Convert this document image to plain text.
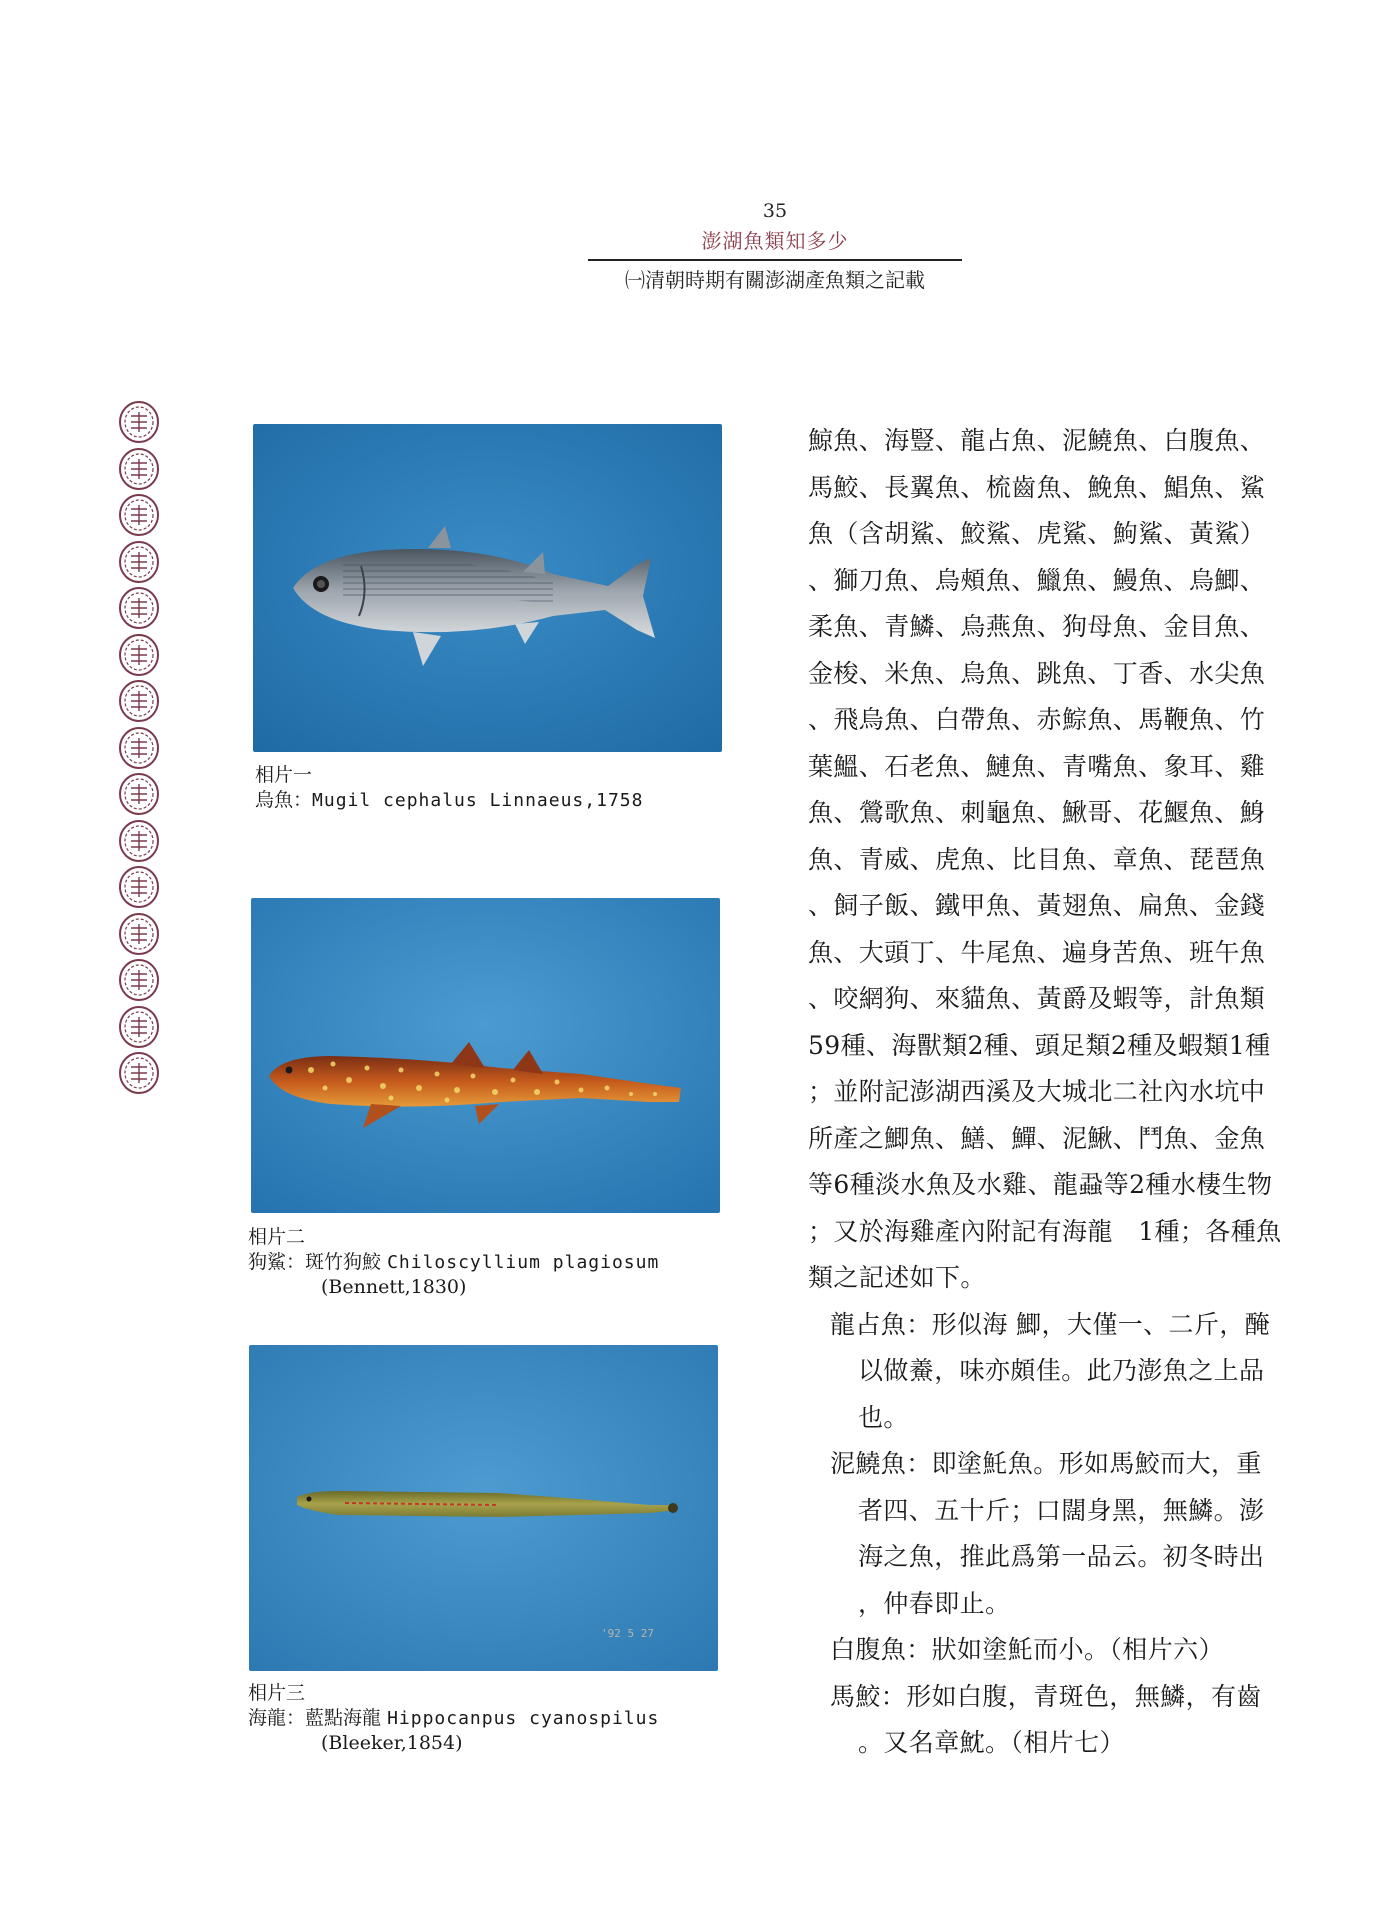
35
澎湖魚類知多少
㈠清朝時期有關澎湖產魚類之記載
相片一
烏魚：Mugil cephalus Linnaeus,1758
相片二
狗鯊：斑竹狗鮫 Chiloscyllium plagiosum
(Bennett,1830)
'92 5 27
相片三
海龍：藍點海龍 Hippocanpus cyanospilus
(Bleeker,1854)
鯨魚、海豎、龍占魚、泥鱙魚、白腹魚、
馬鮫、長翼魚、梳齒魚、鮸魚、鯧魚、鯊
魚（含胡鯊、鮫鯊、虎鯊、鮈鯊、黃鯊）
、獅刀魚、烏頰魚、鱲魚、鰻魚、烏鯽、
柔魚、青鱗、烏燕魚、狗母魚、金目魚、
金梭、米魚、烏魚、跳魚、丁香、水尖魚
、飛烏魚、白帶魚、赤鯮魚、馬鞭魚、竹
葉鰮、石老魚、鰱魚、青嘴魚、象耳、雞
魚、鶯歌魚、刺龜魚、鰍哥、花鰋魚、鯓
魚、青威、虎魚、比目魚、章魚、琵琶魚
、飼子飯、鐵甲魚、黃翅魚、扁魚、金錢
魚、大頭丁、牛尾魚、遍身苦魚、班午魚
、咬網狗、來貓魚、黃爵及蝦等，計魚類
59種、海獸類2種、頭足類2種及蝦類1種
；並附記澎湖西溪及大城北二社內水坑中
所產之鯽魚、鱔、鱓、泥鰍、鬥魚、金魚
等6種淡水魚及水雞、龍蝨等2種水棲生物
；又於海雞產內附記有海龍　1種；各種魚
類之記述如下。
龍占魚：形似海 鯽，大僅一、二斤，醃
以做鯗，味亦頗佳。此乃澎魚之上品
也。
泥鱙魚：即塗魠魚。形如馬鮫而大，重
者四、五十斤；口闊身黑，無鱗。澎
海之魚，推此爲第一品云。初冬時出
，仲春即止。
白腹魚：狀如塗魠而小。（相片六）
馬鮫：形如白腹，青斑色，無鱗，有齒
。又名章魫。（相片七）
